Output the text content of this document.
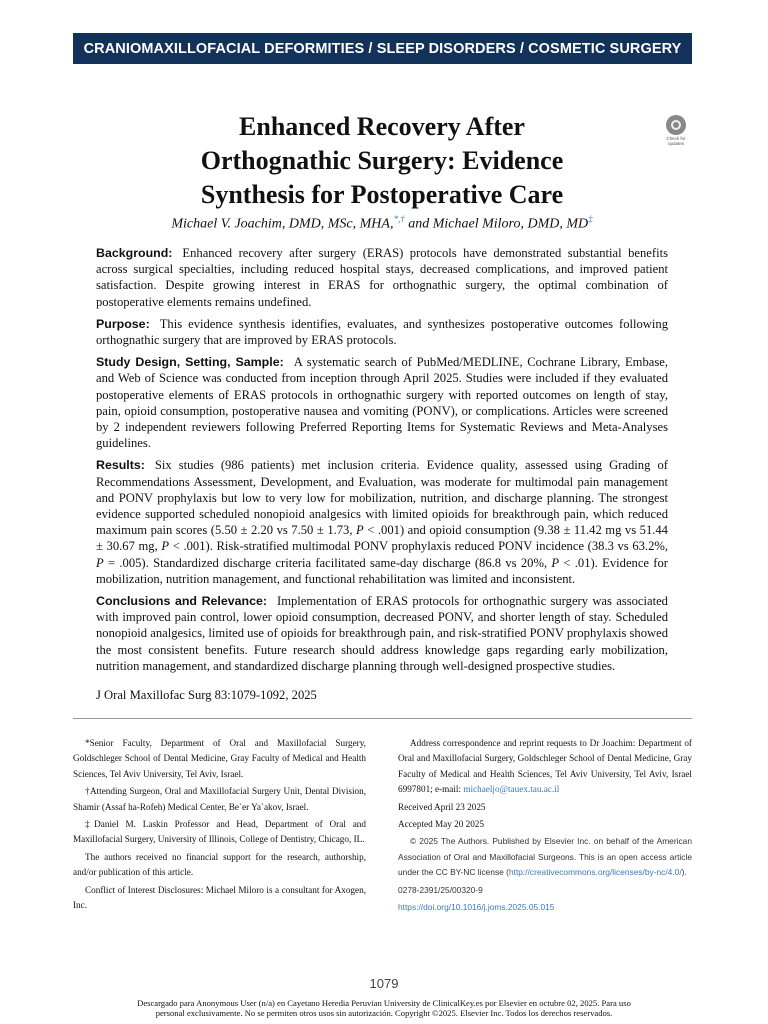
CRANIOMAXILLOFACIAL DEFORMITIES / SLEEP DISORDERS / COSMETIC SURGERY
Enhanced Recovery After
Orthognathic Surgery: Evidence
Synthesis for Postoperative Care
Check for updates
Michael V. Joachim, DMD, MSc, MHA,*,† and Michael Miloro, DMD, MD‡

Background: Enhanced recovery after surgery (ERAS) protocols have demonstrated substantial benefits across surgical specialties, including reduced hospital stays, decreased complications, and improved patient satisfaction. Despite growing interest in ERAS for orthognathic surgery, the optimal combination of postoperative elements remains undefined.

Purpose: This evidence synthesis identifies, evaluates, and synthesizes postoperative outcomes following orthognathic surgery that are improved by ERAS protocols.

Study Design, Setting, Sample: A systematic search of PubMed/MEDLINE, Cochrane Library, Embase, and Web of Science was conducted from inception through April 2025. Studies were included if they evaluated postoperative elements of ERAS protocols in orthognathic surgery with reported outcomes on length of stay, pain, opioid consumption, postoperative nausea and vomiting (PONV), or complications. Articles were screened by 2 independent reviewers following Preferred Reporting Items for Systematic Reviews and Meta-Analyses guidelines.

Results: Six studies (986 patients) met inclusion criteria. Evidence quality, assessed using Grading of Recommendations Assessment, Development, and Evaluation, was moderate for multimodal pain management and PONV prophylaxis but low to very low for mobilization, nutrition, and discharge planning. The strongest evidence supported scheduled nonopioid analgesics with limited opioids for breakthrough pain, which reduced maximum pain scores (5.50 ± 2.20 vs 7.50 ± 1.73, P < .001) and opioid consumption (9.38 ± 11.42 mg vs 51.44 ± 30.67 mg, P < .001). Risk-stratified multimodal PONV prophylaxis reduced PONV incidence (38.3 vs 63.2%, P = .005). Standardized discharge criteria facilitated same-day discharge (86.8 vs 20%, P < .01). Evidence for mobilization, nutrition management, and functional rehabilitation was limited and inconsistent.

Conclusions and Relevance: Implementation of ERAS protocols for orthognathic surgery was associated with improved pain control, lower opioid consumption, decreased PONV, and shorter length of stay. Scheduled nonopioid analgesics, limited use of opioids for breakthrough pain, and risk-stratified PONV prophylaxis showed the most consistent benefits. Future research should address knowledge gaps regarding early mobilization, nutrition management, and standardized discharge planning through well-designed prospective studies.

J Oral Maxillofac Surg 83:1079-1092, 2025

*Senior Faculty, Department of Oral and Maxillofacial Surgery, Goldschleger School of Dental Medicine, Gray Faculty of Medical and Health Sciences, Tel Aviv University, Tel Aviv, Israel.

†Attending Surgeon, Oral and Maxillofacial Surgery Unit, Dental Division, Shamir (Assaf ha-Rofeh) Medical Center, Be`er Ya`akov, Israel.

‡Daniel M. Laskin Professor and Head, Department of Oral and Maxillofacial Surgery, University of Illinois, College of Dentistry, Chicago, IL.

The authors received no financial support for the research, authorship, and/or publication of this article.

Conflict of Interest Disclosures: Michael Miloro is a consultant for Axogen, Inc.

Address correspondence and reprint requests to Dr Joachim: Department of Oral and Maxillofacial Surgery, Goldschleger School of Dental Medicine, Gray Faculty of Medical and Health Sciences, Tel Aviv University, Tel Aviv, Israel 6997801; e-mail: michaeljo@tauex.tau.ac.il

Received April 23 2025

Accepted May 20 2025

© 2025 The Authors. Published by Elsevier Inc. on behalf of the American Association of Oral and Maxillofacial Surgeons. This is an open access article under the CC BY-NC license (http://creativecommons.org/licenses/by-nc/4.0/).

0278-2391/25/00320-9

https://doi.org/10.1016/j.joms.2025.05.015

1079
Descargado para Anonymous User (n/a) en Cayetano Heredia Peruvian University de ClinicalKey.es por Elsevier en octubre 02, 2025. Para uso
personal exclusivamente. No se permiten otros usos sin autorización. Copyright ©2025. Elsevier Inc. Todos los derechos reservados.
